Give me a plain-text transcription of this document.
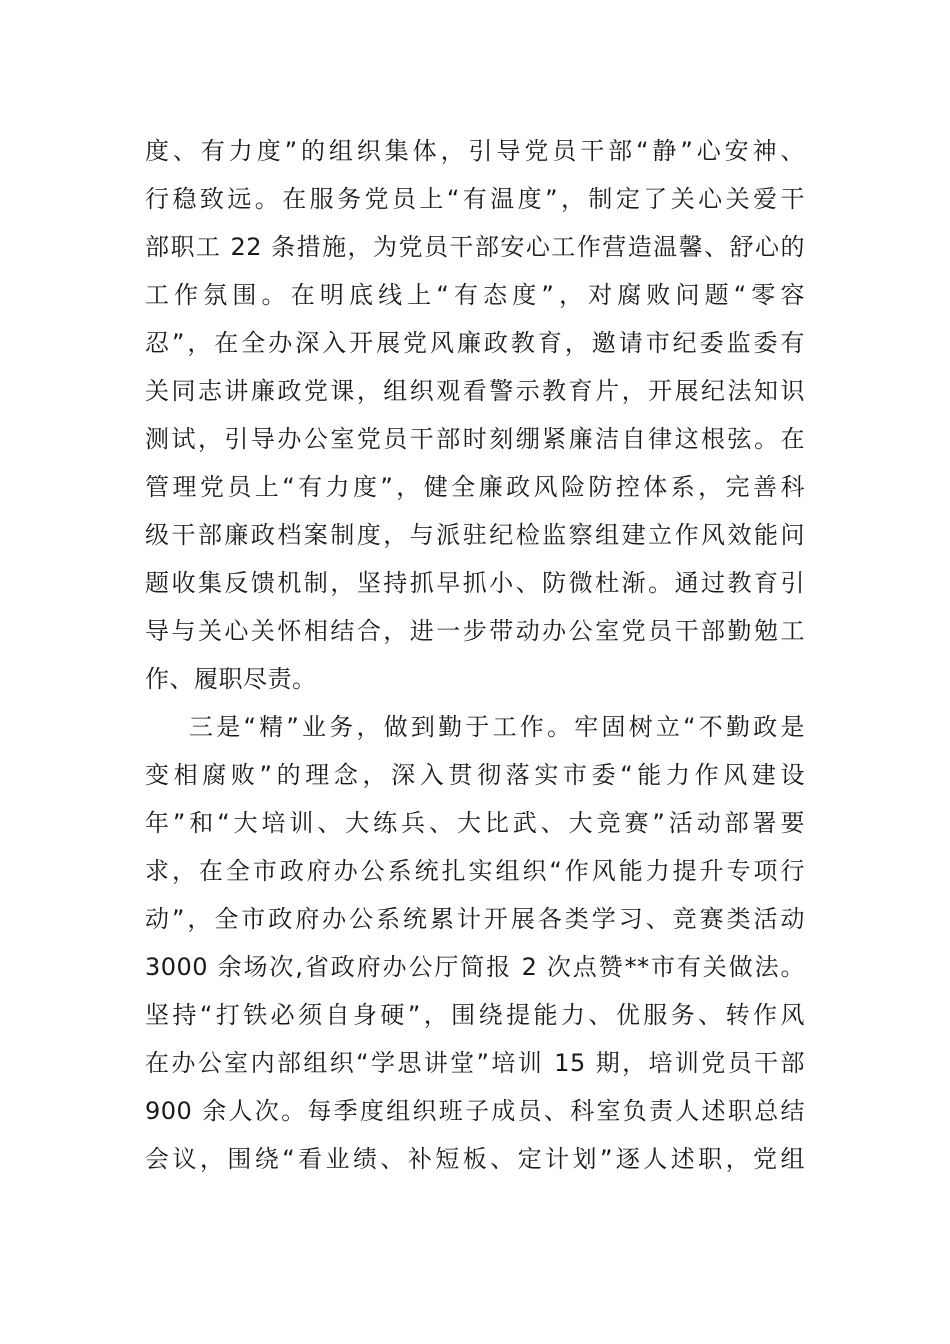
度、有力度”的组织集体，引导党员干部“静”心安神、
行稳致远。在服务党员上“有温度”，制定了关心关爱干
部职工 22 条措施，为党员干部安心工作营造温馨、舒心的
工作氛围。在明底线上“有态度”，对腐败问题“零容
忍”，在全办深入开展党风廉政教育，邀请市纪委监委有
关同志讲廉政党课，组织观看警示教育片，开展纪法知识
测试，引导办公室党员干部时刻绷紧廉洁自律这根弦。在
管理党员上“有力度”，健全廉政风险防控体系，完善科
级干部廉政档案制度，与派驻纪检监察组建立作风效能问
题收集反馈机制，坚持抓早抓小、防微杜渐。通过教育引
导与关心关怀相结合，进一步带动办公室党员干部勤勉工
作、履职尽责。
三是“精”业务，做到勤于工作。牢固树立“不勤政是
变相腐败”的理念，深入贯彻落实市委“能力作风建设
年”和“大培训、大练兵、大比武、大竞赛”活动部署要
求，在全市政府办公系统扎实组织“作风能力提升专项行
动”，全市政府办公系统累计开展各类学习、竞赛类活动
3000 余场次,省政府办公厅简报 2 次点赞**市有关做法。
坚持“打铁必须自身硬”，围绕提能力、优服务、转作风
在办公室内部组织“学思讲堂”培训 15 期，培训党员干部
900 余人次。每季度组织班子成员、科室负责人述职总结
会议，围绕“看业绩、补短板、定计划”逐人述职，党组
